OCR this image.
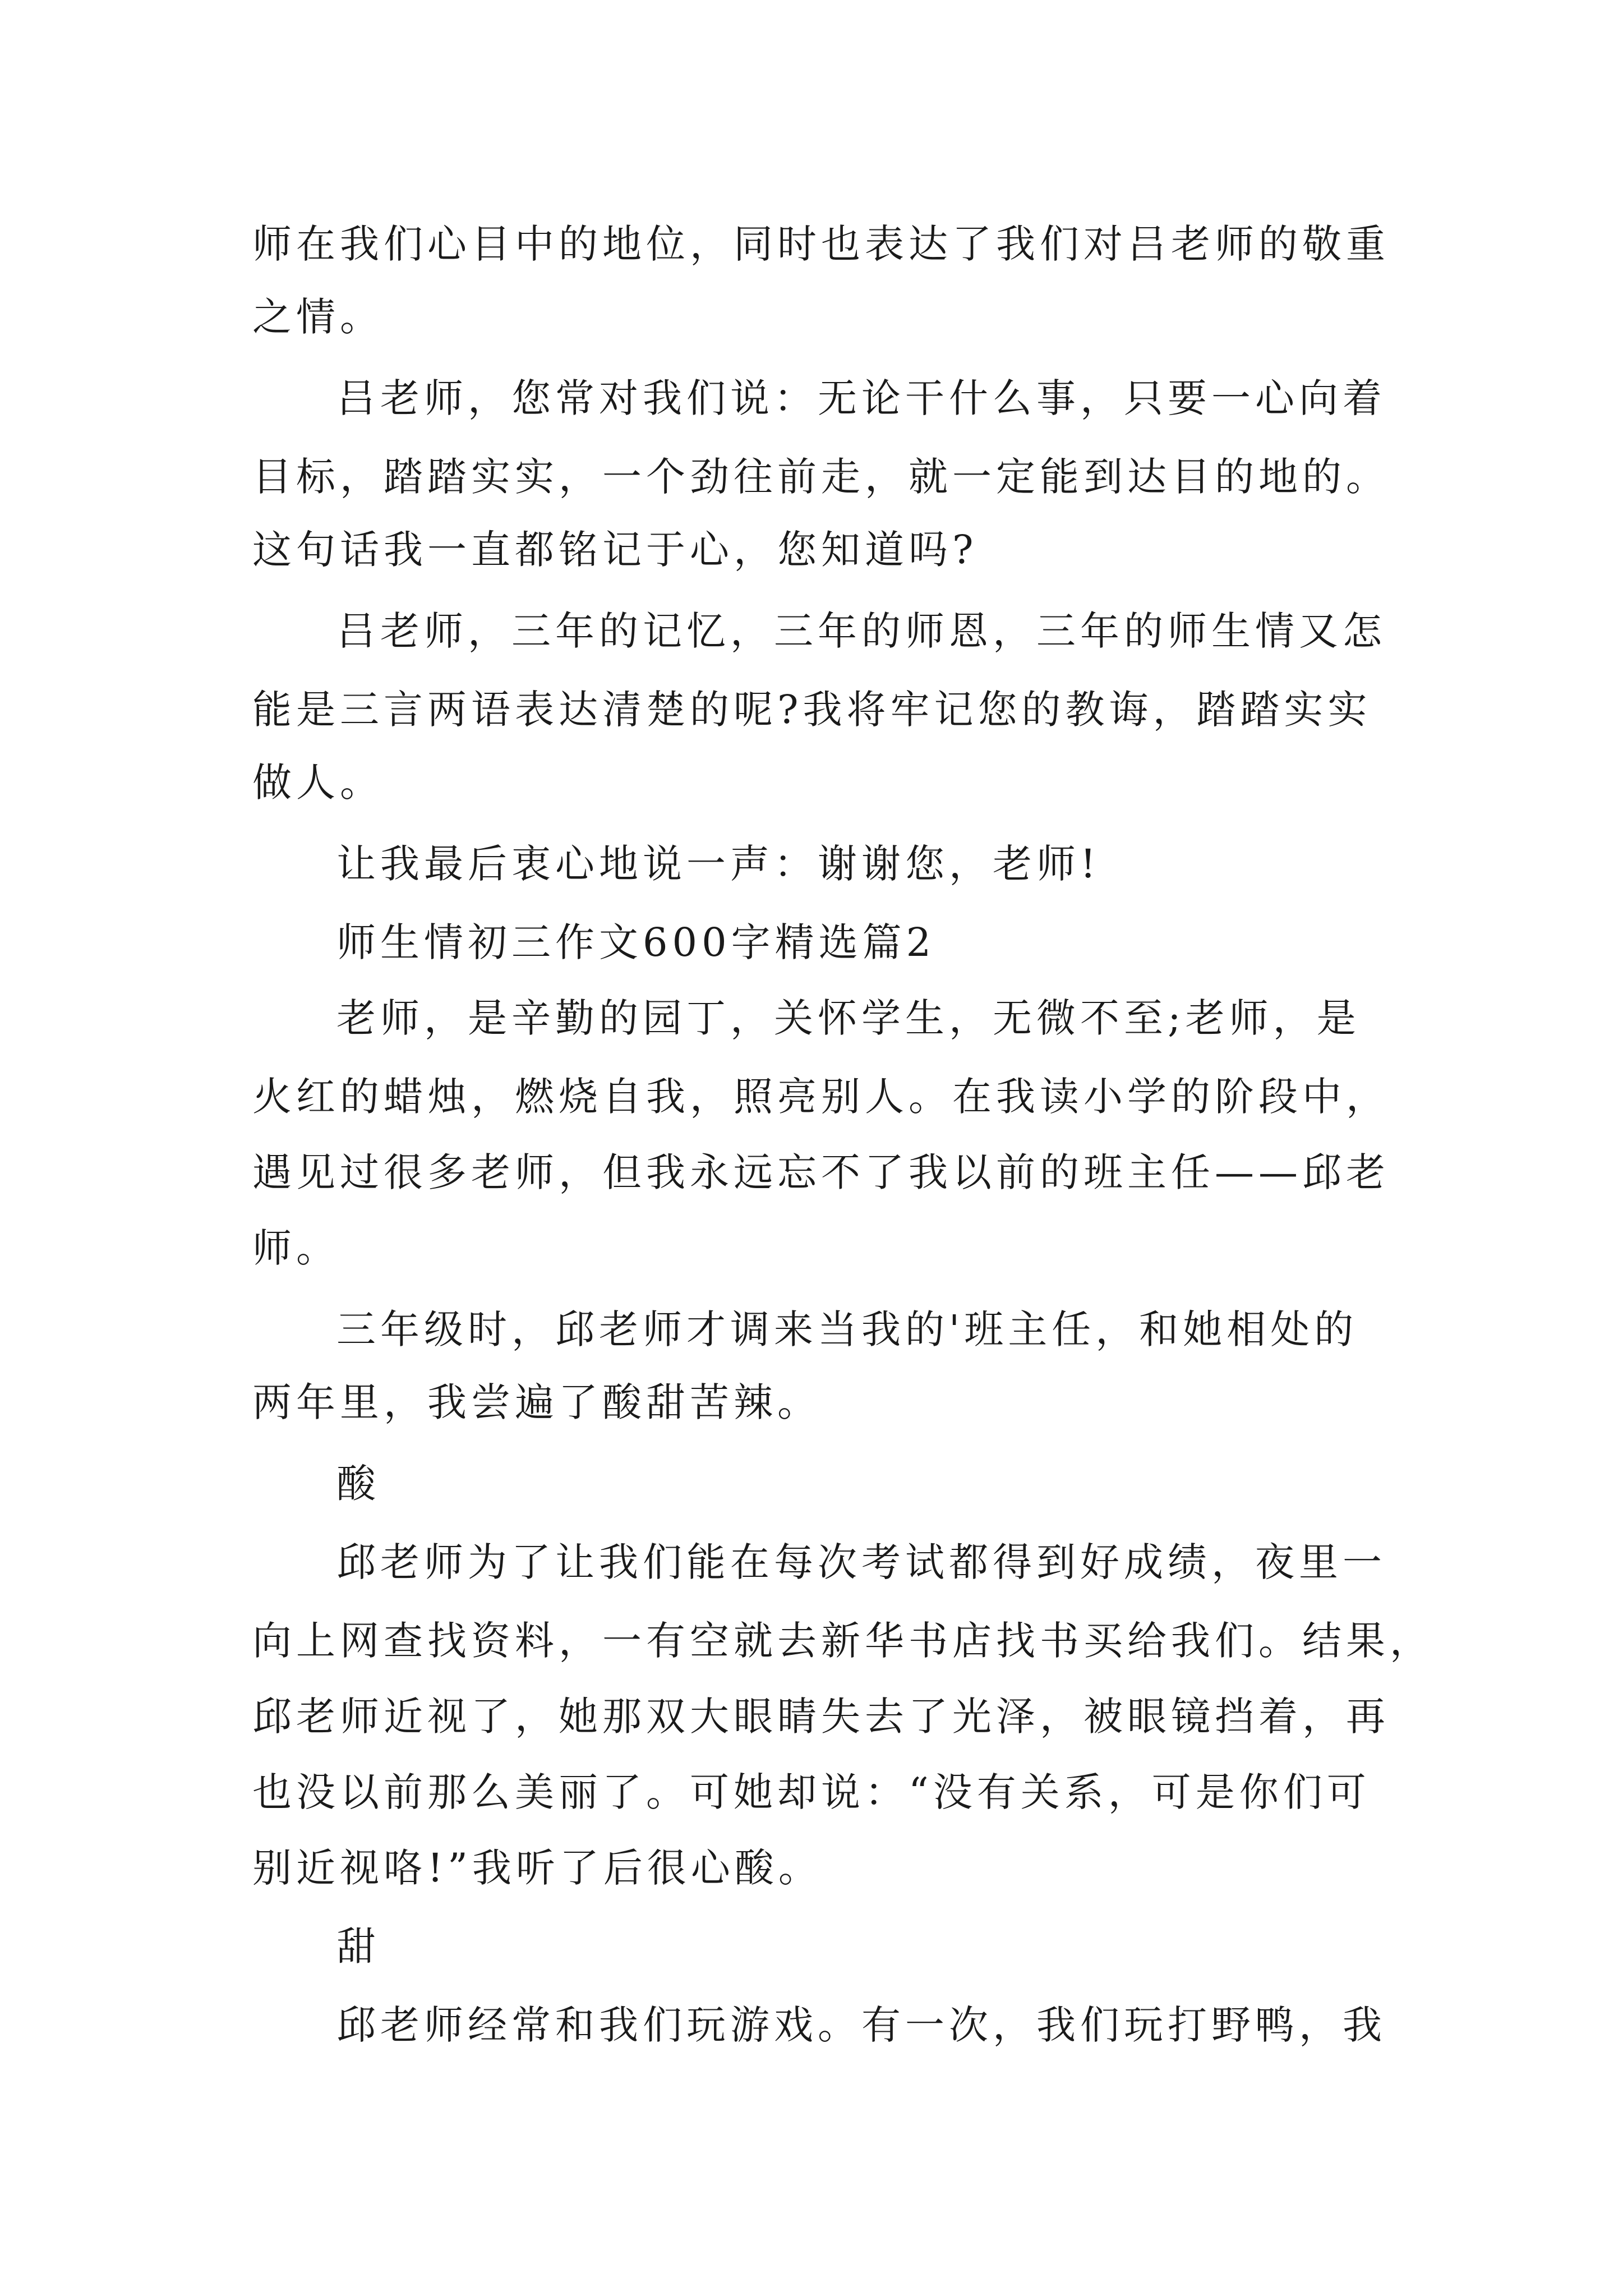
师在我们心目中的地位，同时也表达了我们对吕老师的敬重

之情。

吕老师，您常对我们说：无论干什么事，只要一心向着

目标，踏踏实实，一个劲往前走，就一定能到达目的地的。

这句话我一直都铭记于心，您知道吗?

吕老师，三年的记忆，三年的师恩，三年的师生情又怎

能是三言两语表达清楚的呢?我将牢记您的教诲，踏踏实实

做人。

让我最后衷心地说一声：谢谢您，老师!

师生情初三作文600字精选篇2

老师，是辛勤的园丁，关怀学生，无微不至;老师，是

火红的蜡烛，燃烧自我，照亮别人。在我读小学的阶段中，

遇见过很多老师，但我永远忘不了我以前的班主任——邱老

师。

三年级时，邱老师才调来当我的'班主任，和她相处的

两年里，我尝遍了酸甜苦辣。

酸

邱老师为了让我们能在每次考试都得到好成绩，夜里一

向上网查找资料，一有空就去新华书店找书买给我们。结果，

邱老师近视了，她那双大眼睛失去了光泽，被眼镜挡着，再

也没以前那么美丽了。可她却说：“没有关系，可是你们可

别近视咯!”我听了后很心酸。

甜

邱老师经常和我们玩游戏。有一次，我们玩打野鸭，我
